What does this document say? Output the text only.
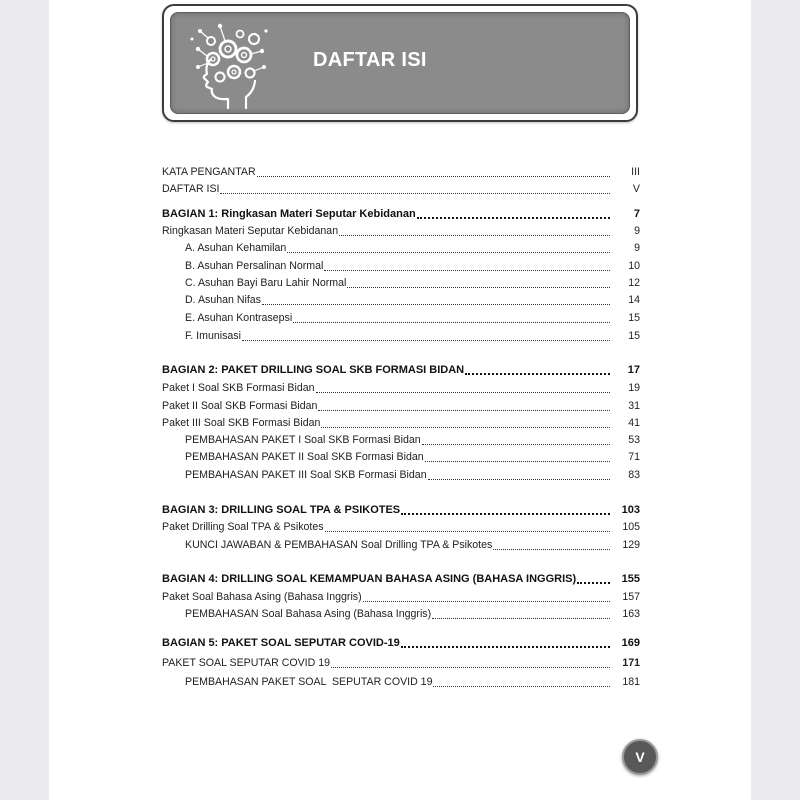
DAFTAR ISI
KATA PENGANTAR	III
DAFTAR ISI	V
BAGIAN 1: Ringkasan Materi Seputar Kebidanan	7
Ringkasan Materi Seputar Kebidanan	9
A. Asuhan Kehamilan	9
B. Asuhan Persalinan Normal	10
C. Asuhan Bayi Baru Lahir Normal	12
D. Asuhan Nifas	14
E. Asuhan Kontrasepsi	15
F. Imunisasi	15
BAGIAN 2: PAKET DRILLING SOAL SKB FORMASI BIDAN	17
Paket I Soal SKB Formasi Bidan	19
Paket II Soal SKB Formasi Bidan	31
Paket III Soal SKB Formasi Bidan	41
PEMBAHASAN PAKET I Soal SKB Formasi Bidan	53
PEMBAHASAN PAKET II Soal SKB Formasi Bidan	71
PEMBAHASAN PAKET III Soal SKB Formasi Bidan	83
BAGIAN 3: DRILLING SOAL TPA & PSIKOTES	103
Paket Drilling Soal TPA & Psikotes	105
KUNCI JAWABAN & PEMBAHASAN Soal Drilling TPA & Psikotes	129
BAGIAN 4: DRILLING SOAL KEMAMPUAN BAHASA ASING (BAHASA INGGRIS)	155
Paket Soal Bahasa Asing (Bahasa Inggris)	157
PEMBAHASAN Soal Bahasa Asing (Bahasa Inggris)	163
BAGIAN 5: PAKET SOAL SEPUTAR COVID-19	169
PAKET SOAL SEPUTAR COVID 19	171
PEMBAHASAN PAKET SOAL  SEPUTAR COVID 19	181
V
